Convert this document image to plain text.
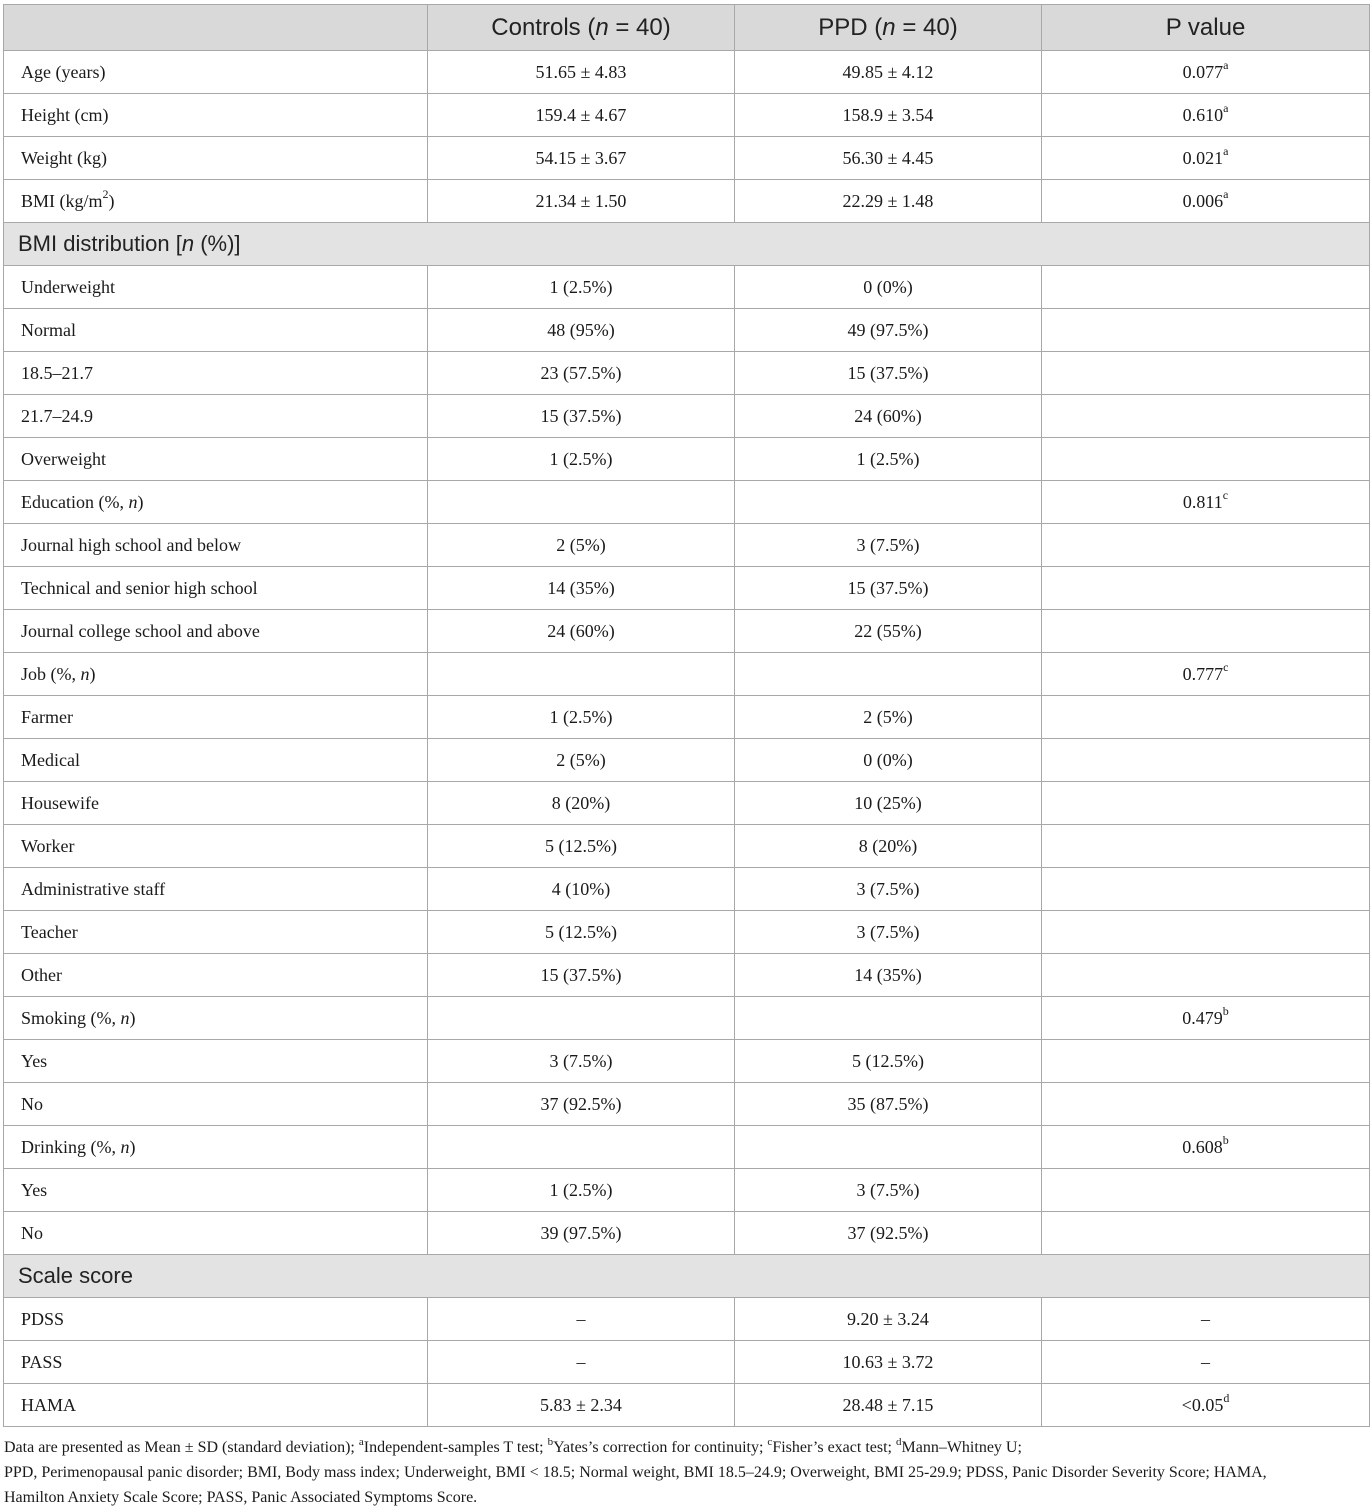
	Controls (n = 40)	PPD (n = 40)	P value
Age (years)	51.65 ± 4.83	49.85 ± 4.12	0.077$^a$
Height (cm)	159.4 ± 4.67	158.9 ± 3.54	0.610$^a$
Weight (kg)	54.15 ± 3.67	56.30 ± 4.45	0.021$^a$
BMI $(kg/m^2)$	21.34 ± 1.50	22.29 ± 1.48	0.006$^a$
BMI distribution [n (%)]			
Underweight	1 (2.5%)	0 (0%)	
Normal	48 (95%)	49 (97.5%)	
18.5–21.7	23 (57.5%)	15 (37.5%)	
21.7–24.9	15 (37.5%)	24 (60%)	
Overweight	1 (2.5%)	1 (2.5%)	
Education (%, n)			0.811$^c$
Journal high school and below	2 (5%)	3 (7.5%)	
Technical and senior high school	14 (35%)	15 (37.5%)	
Journal college school and above	24 (60%)	22 (55%)	
Job (%, n)			0.777$^c$
Farmer	1 (2.5%)	2 (5%)	
Medical	2 (5%)	0 (0%)	
Housewife	8 (20%)	10 (25%)	
Worker	5 (12.5%)	8 (20%)	
Administrative staff	4 (10%)	3 (7.5%)	
Teacher	5 (12.5%)	3 (7.5%)	
Other	15 (37.5%)	14 (35%)	
Smoking (%, n)			0.479$^b$
Yes	3 (7.5%)	5 (12.5%)	
No	37 (92.5%)	35 (87.5%)	
Drinking (%, n)			0.608$^b$
Yes	1 (2.5%)	3 (7.5%)	
No	39 (97.5%)	37 (92.5%)	
Scale score			
PDSS	–	9.20 ± 3.24	–
PASS	–	10.63 ± 3.72	–
HAMA	5.83 ± 2.34	28.48 ± 7.15	<0.05$^d$
Data are presented as Mean ± SD (standard deviation); $^a$Independent-samples T test; $^b$Yates’s correction for continuity; $^c$Fisher’s exact test; $^d$Mann–Whitney U;
PPD, Perimenopausal panic disorder; BMI, Body mass index; Underweight, BMI < 18.5; Normal weight, BMI 18.5–24.9; Overweight, BMI 25-29.9; PDSS, Panic Disorder Severity Score; HAMA,
Hamilton Anxiety Scale Score; PASS, Panic Associated Symptoms Score.
